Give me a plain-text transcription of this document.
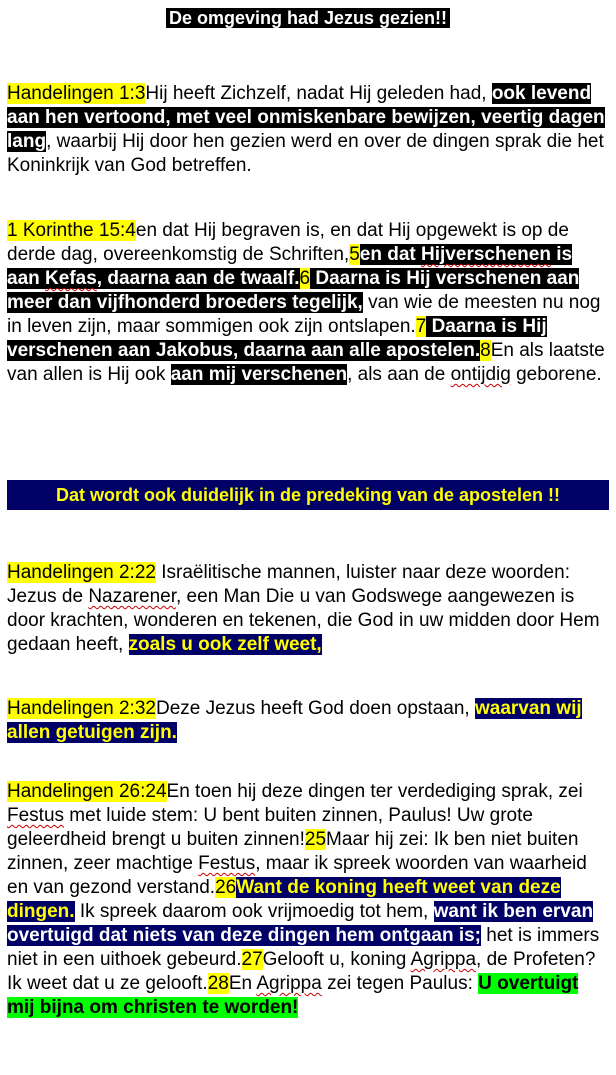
De omgeving had Jezus gezien!!
Handelingen 1:3Hij heeft Zichzelf, nadat Hij geleden had, ook levend aan hen vertoond, met veel onmiskenbare bewijzen, veertig dagen lang, waarbij Hij door hen gezien werd en over de dingen sprak die het Koninkrijk van God betreffen.
1 Korinthe 15:4en dat Hij begraven is, en dat Hij opgewekt is op de derde dag, overeenkomstig de Schriften,5en dat Hijverschenen is aan Kefas, daarna aan de twaalf.6 Daarna is Hij verschenen aan meer dan vijfhonderd broeders tegelijk, van wie de meesten nu nog in leven zijn, maar sommigen ook zijn ontslapen.7 Daarna is Hij verschenen aan Jakobus, daarna aan alle apostelen.8En als laatste van allen is Hij ook aan mij verschenen, als aan de ontijdig geborene.
Dat wordt ook duidelijk in de predeking van de apostelen !!
Handelingen 2:22 Israëlitische mannen, luister naar deze woorden: Jezus de Nazarener, een Man Die u van Godswege aangewezen is door krachten, wonderen en tekenen, die God in uw midden door Hem gedaan heeft, zoals u ook zelf weet,
Handelingen 2:32Deze Jezus heeft God doen opstaan, waarvan wij allen getuigen zijn.
Handelingen 26:24En toen hij deze dingen ter verdediging sprak, zei Festus met luide stem: U bent buiten zinnen, Paulus! Uw grote geleerdheid brengt u buiten zinnen!25Maar hij zei: Ik ben niet buiten zinnen, zeer machtige Festus, maar ik spreek woorden van waarheid en van gezond verstand.26Want de koning heeft weet van deze dingen. Ik spreek daarom ook vrijmoedig tot hem, want ik ben ervan overtuigd dat niets van deze dingen hem ontgaan is; het is immers niet in een uithoek gebeurd.27Gelooft u, koning Agrippa, de Profeten? Ik weet dat u ze gelooft.28En Agrippa zei tegen Paulus: U overtuigt mij bijna om christen te worden!
